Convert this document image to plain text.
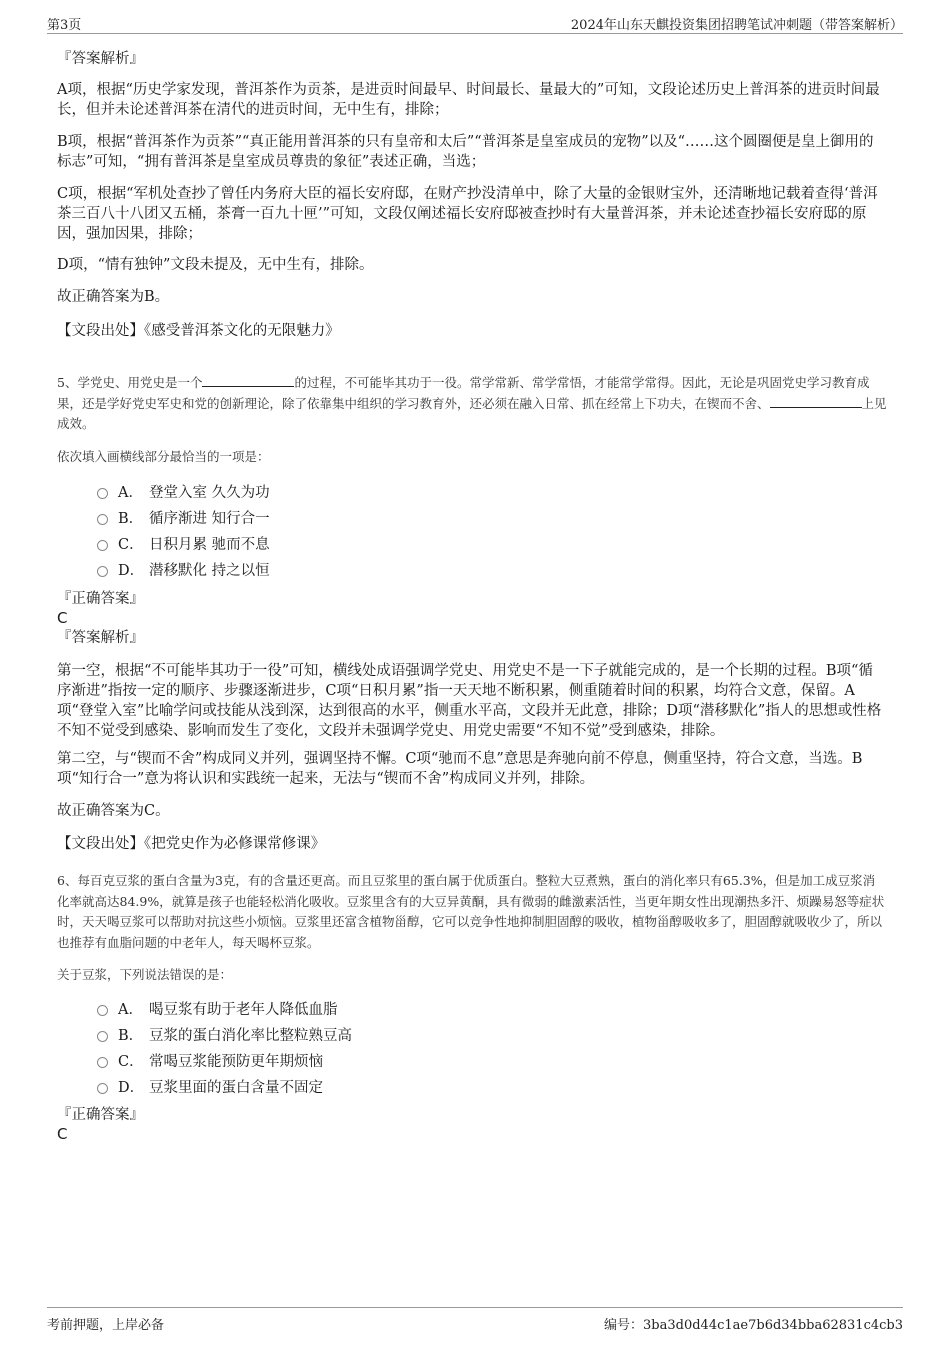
第3页	2024年山东天麒投资集团招聘笔试冲刺题（带答案解析）
『答案解析』
A项，根据“历史学家发现，普洱茶作为贡茶，是进贡时间最早、时间最长、量最大的”可知，文段论述历史上普洱茶的进贡时间最长，但并未论述普洱茶在清代的进贡时间，无中生有，排除；
B项，根据“普洱茶作为贡茶”“真正能用普洱茶的只有皇帝和太后”“普洱茶是皇室成员的宠物”以及“……这个圆圈便是皇上御用的标志”可知，“拥有普洱茶是皇室成员尊贵的象征”表述正确，当选；
C项，根据“军机处查抄了曾任内务府大臣的福长安府邸，在财产抄没清单中，除了大量的金银财宝外，还清晰地记载着查得‘普洱茶三百八十八团又五桶，茶膏一百九十匣’”可知，文段仅阐述福长安府邸被查抄时有大量普洱茶，并未论述查抄福长安府邸的原因，强加因果，排除；
D项，“情有独钟”文段未提及，无中生有，排除。
故正确答案为B。
【文段出处】《感受普洱茶文化的无限魅力》
5、学党史、用党史是一个	的过程，不可能毕其功于一役。常学常新、常学常悟，才能常学常得。因此，无论是巩固党史学习教育成果，还是学好党史军史和党的创新理论，除了依靠集中组织的学习教育外，还必须在融入日常、抓在经常上下功夫，在锲而不舍、	上见成效。
依次填入画横线部分最恰当的一项是：
A． 登堂入室 久久为功
B． 循序渐进 知行合一
C． 日积月累 驰而不息
D． 潜移默化 持之以恒
『正确答案』
C
『答案解析』
第一空，根据“不可能毕其功于一役”可知，横线处成语强调学党史、用党史不是一下子就能完成的，是一个长期的过程。B项“循序渐进”指按一定的顺序、步骤逐渐进步，C项“日积月累”指一天天地不断积累，侧重随着时间的积累，均符合文意，保留。A项“登堂入室”比喻学问或技能从浅到深，达到很高的水平，侧重水平高，文段并无此意，排除；D项“潜移默化”指人的思想或性格不知不觉受到感染、影响而发生了变化，文段并未强调学党史、用党史需要“不知不觉”受到感染，排除。
第二空，与“锲而不舍”构成同义并列，强调坚持不懈。C项“驰而不息”意思是奔驰向前不停息，侧重坚持，符合文意，当选。B项“知行合一”意为将认识和实践统一起来，无法与“锲而不舍”构成同义并列，排除。
故正确答案为C。
【文段出处】《把党史作为必修课常修课》
6、每百克豆浆的蛋白含量为3克，有的含量还更高。而且豆浆里的蛋白属于优质蛋白。整粒大豆煮熟，蛋白的消化率只有65.3%，但是加工成豆浆消化率就高达84.9%，就算是孩子也能轻松消化吸收。豆浆里含有的大豆异黄酮，具有微弱的雌激素活性，当更年期女性出现潮热多汗、烦躁易怒等症状时，天天喝豆浆可以帮助对抗这些小烦恼。豆浆里还富含植物甾醇，它可以竞争性地抑制胆固醇的吸收，植物甾醇吸收多了，胆固醇就吸收少了，所以也推荐有血脂问题的中老年人，每天喝杯豆浆。
关于豆浆，下列说法错误的是：
A． 喝豆浆有助于老年人降低血脂
B． 豆浆的蛋白消化率比整粒熟豆高
C． 常喝豆浆能预防更年期烦恼
D． 豆浆里面的蛋白含量不固定
『正确答案』
C
考前押题，上岸必备	编号：3ba3d0d44c1ae7b6d34bba62831c4cb3
